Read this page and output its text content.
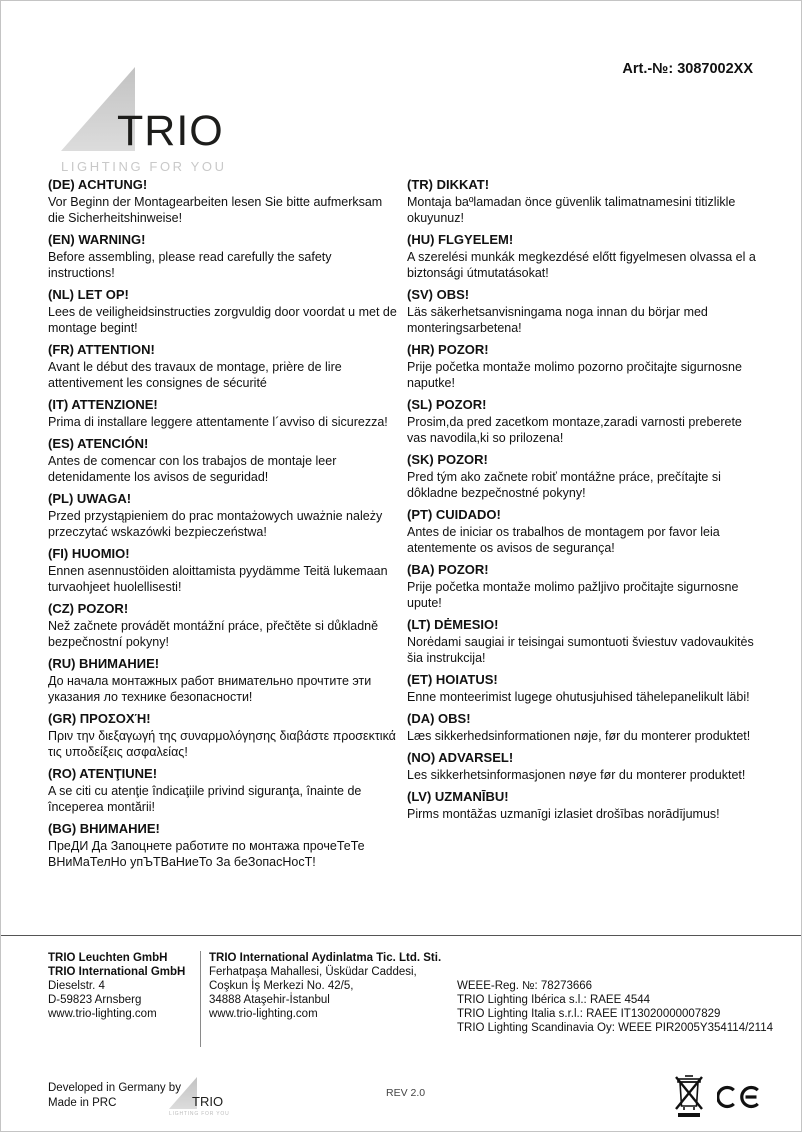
Art.-№: 3087002XX
TRIO
LIGHTING FOR YOU
(DE) ACHTUNG!
Vor Beginn der Montagearbeiten lesen Sie bitte aufmerksam die Sicherheitshinweise!
(EN) WARNING!
Before assembling, please read carefully the safety instructions!
(NL) LET OP!
Lees de veiligheidsinstructies zorgvuldig door voordat u met de montage begint!
(FR) ATTENTION!
Avant le début des travaux de montage, prière de lire attentivement les consignes de sécurité
(IT) ATTENZIONE!
Prima di installare leggere attentamente l´avviso di sicurezza!
(ES) ATENCIÓN!
Antes de comencar con los trabajos de montaje leer detenidamente los avisos de seguridad!
(PL) UWAGA!
Przed przystąpieniem do prac montażowych uważnie należy przeczytać wskazówki bezpieczeństwa!
(FI) HUOMIO!
Ennen asennustöiden aloittamista pyydämme Teitä lukemaan turvaohjeet huolellisesti!
(CZ) POZOR!
Než začnete provádět montážní práce, přečtěte si důkladně bezpečnostní pokyny!
(RU) ВНИМАНИЕ!
До начала монтажных работ внимательно прочтите эти указания ло технике безопасности!
(GR) ΠΡΟΣΟΧΉ!
Πριν την διεξαγωγή της συναρμολόγησης διαβάστε προσεκτικά τις υποδείξεις ασφαλείας!
(RO) ATENŢIUNE!
A se citi cu atenţie îndicaţiile privind siguranţa, înainte de începerea montării!
(BG) ВНИМАНИЕ!
ПреДИ Да Запоцнете работите по монтажа прочеТеТе ВНиМаТелНо упЪТВаНиеТо За беЗопасНосТ!
(TR) DIKKAT!
Montaja baºlamadan önce güvenlik talimatnamesini titizlikle okuyunuz!
(HU) FLGYELEM!
A szerelési munkák megkezdésé előtt figyelmesen olvassa el a biztonsági útmutatásokat!
(SV) OBS!
Läs säkerhetsanvisningama noga innan du börjar med monteringsarbetena!
(HR) POZOR!
Prije početka montaže molimo pozorno pročitajte sigurnosne naputke!
(SL) POZOR!
Prosim,da pred zacetkom montaze,zaradi varnosti preberete vas navodila,ki so prilozena!
(SK) POZOR!
Pred tým ako začnete robiť montážne práce, prečítajte si dôkladne bezpečnostné pokyny!
(PT) CUIDADO!
Antes de iniciar os trabalhos de montagem por favor leia atentemente os avisos de segurança!
(BA) POZOR!
Prije početka montaže molimo pažljivo pročitajte sigurnosne upute!
(LT) DĖMESIO!
Norėdami saugiai ir teisingai sumontuoti šviestuv vadovaukitės šia instrukcija!
(ET) HOIATUS!
Enne monteerimist lugege ohutusjuhised tähelepanelikult läbi!
(DA) OBS!
Læs sikkerhedsinformationen nøje, før du monterer produktet!
(NO) ADVARSEL!
Les sikkerhetsinformasjonen nøye før du monterer produktet!
(LV) UZMANĪBU!
Pirms montāžas uzmanīgi izlasiet drošības norādījumus!
TRIO Leuchten GmbH
TRIO International GmbH
Dieselstr. 4
D-59823 Arnsberg
www.trio-lighting.com
TRIO International Aydinlatma Tic. Ltd. Sti.
Ferhatpaşa Mahallesi, Üsküdar Caddesi,
Coşkun İş Merkezi No. 42/5,
34888 Ataşehir-İstanbul
www.trio-lighting.com
WEEE-Reg. №: 78273666
TRIO Lighting Ibérica s.l.: RAEE 4544
TRIO Lighting Italia s.r.l.: RAEE IT13020000007829
TRIO Lighting Scandinavia Oy: WEEE PIR2005Y354114/2114
Developed in Germany by
Made in PRC	TRIO
LIGHTING FOR YOU
REV 2.0
